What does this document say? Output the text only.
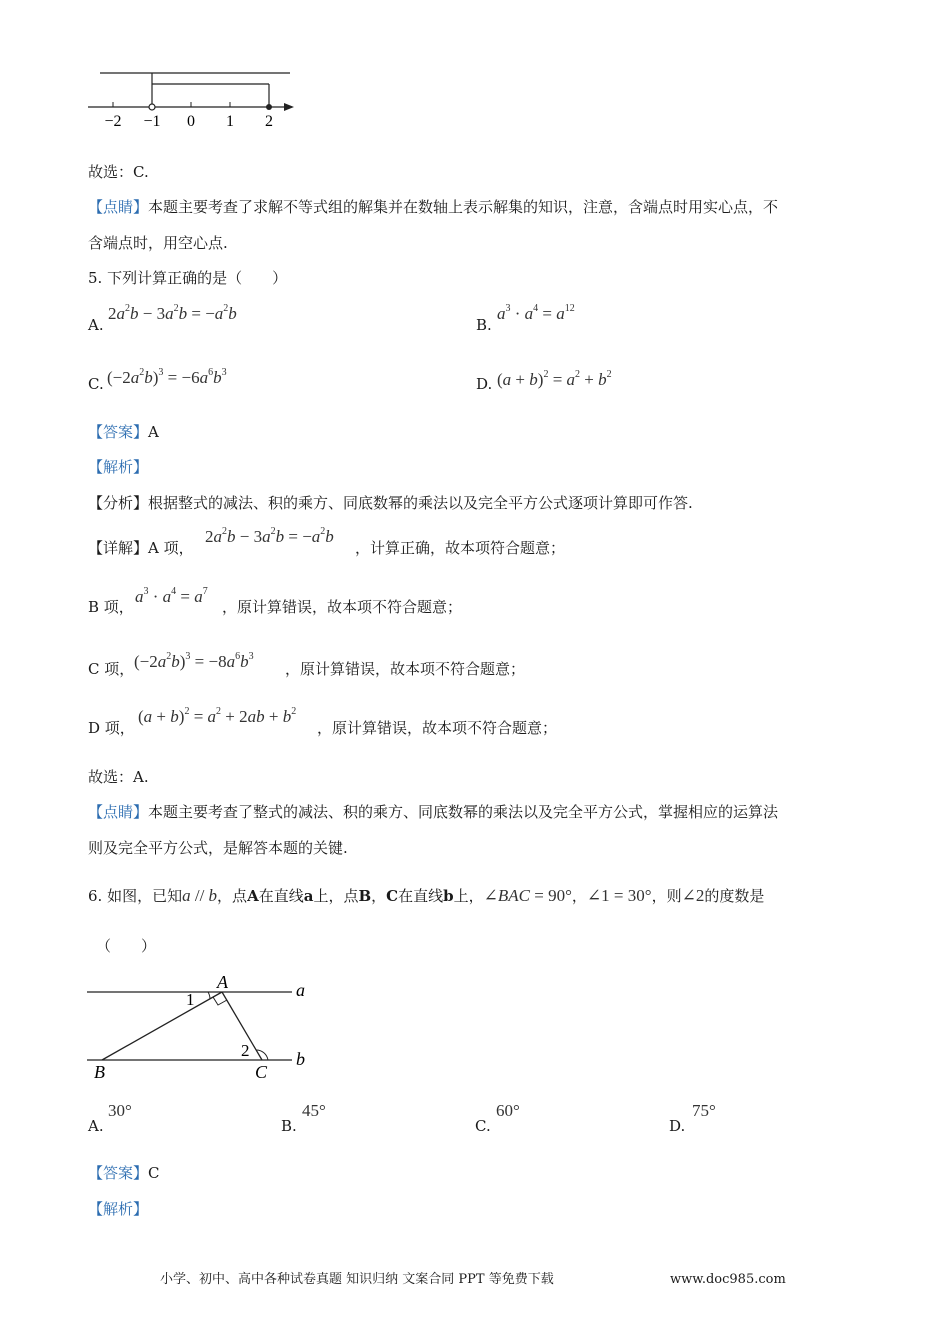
−2 −1 0 1 2
故选：C.
【点睛】本题主要考查了求解不等式组的解集并在数轴上表示解集的知识，注意，含端点时用实心点，不
含端点时，用空心点.
5. 下列计算正确的是（　　）
A.
$2a^2b - 3a^2b = -a^2b$
B.
$a^3 \cdot a^4 = a^{12}$
C. $(-2a^2b)^3 = -6a^6b^3$
D. $(a + b)^2 = a^2 + b^2$
【答案】A
【解析】
【分析】根据整式的减法、积的乘方、同底数幂的乘法以及完全平方公式逐项计算即可作答.
【详解】A 项，
$2a^2b - 3a^2b = -a^2b$
，计算正确，故本项符合题意；
B 项，
$a^3 \cdot a^4 = a^7$
，原计算错误，故本项不符合题意；
C 项， $(-2a^2b)^3 = -8a^6b^3$
，原计算错误，故本项不符合题意；
D 项，
$(a + b)^2 = a^2 + 2ab + b^2$
，原计算错误，故本项不符合题意；
故选：A.
【点睛】本题主要考查了整式的减法、积的乘方、同底数幂的乘法以及完全平方公式，掌握相应的运算法
则及完全平方公式，是解答本题的关键.
6. 如图，已知a // b，点A在直线a上，点B，C在直线b上，∠BAC = 90°，∠1 = 30°，则∠2的度数是
（　　）
A	a
B	C
b
1
2
A.
30°
B.
45°
C.
60°
D.
75°
【答案】C
【解析】
小学、初中、高中各种试卷真题 知识归纳 文案合同 PPT 等免费下载	www.doc985.com
